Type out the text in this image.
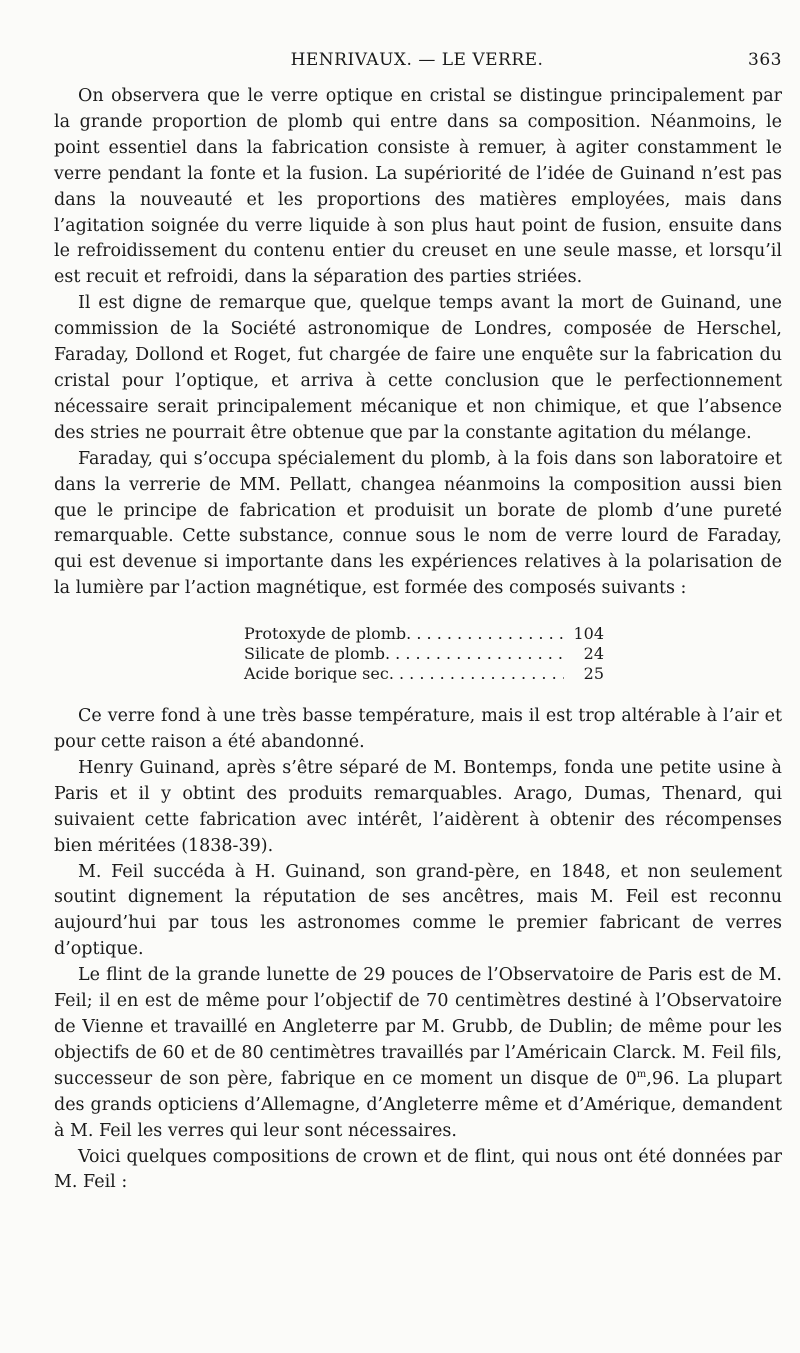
HENRIVAUX. — LE VERRE.	363

On observera que le verre optique en cristal se distingue principalement par la grande proportion de plomb qui entre dans sa composition. Néanmoins, le point essentiel dans la fabrication consiste à remuer, à agiter constamment le verre pendant la fonte et la fusion. La supériorité de l’idée de Guinand n’est pas dans la nouveauté et les proportions des matières employées, mais dans l’agitation soignée du verre liquide à son plus haut point de fusion, ensuite dans le refroidissement du contenu entier du creuset en une seule masse, et lorsqu’il est recuit et refroidi, dans la séparation des parties striées.

Il est digne de remarque que, quelque temps avant la mort de Guinand, une commission de la Société astronomique de Londres, composée de Herschel, Faraday, Dollond et Roget, fut chargée de faire une enquête sur la fabrication du cristal pour l’optique, et arriva à cette conclusion que le perfectionnement nécessaire serait principalement mécanique et non chimique, et que l’absence des stries ne pourrait être obtenue que par la constante agitation du mélange.

Faraday, qui s’occupa spécialement du plomb, à la fois dans son laboratoire et dans la verrerie de MM. Pellatt, changea néanmoins la composition aussi bien que le principe de fabrication et produisit un borate de plomb d’une pureté remarquable. Cette substance, connue sous le nom de verre lourd de Faraday, qui est devenue si importante dans les expériences relatives à la polarisation de la lumière par l’action magnétique, est formée des composés suivants :

Protoxyde de plomb . . .	104
Silicate de plomb . . .	24
Acide borique sec . . .	25

Ce verre fond à une très basse température, mais il est trop altérable à l’air et pour cette raison a été abandonné.

Henry Guinand, après s’être séparé de M. Bontemps, fonda une petite usine à Paris et il y obtint des produits remarquables. Arago, Dumas, Thenard, qui suivaient cette fabrication avec intérêt, l’aidèrent à obtenir des récompenses bien méritées (1838-39).

M. Feil succéda à H. Guinand, son grand-père, en 1848, et non seulement soutint dignement la réputation de ses ancêtres, mais M. Feil est reconnu aujourd’hui par tous les astronomes comme le premier fabricant de verres d’optique.

Le flint de la grande lunette de 29 pouces de l’Observatoire de Paris est de M. Feil; il en est de même pour l’objectif de 70 centimètres destiné à l’Observatoire de Vienne et travaillé en Angleterre par M. Grubb, de Dublin; de même pour les objectifs de 60 et de 80 centimètres travaillés par l’Américain Clarck. M. Feil fils, successeur de son père, fabrique en ce moment un disque de 0$^m$,96. La plupart des grands opticiens d’Allemagne, d’Angleterre même et d’Amérique, demandent à M. Feil les verres qui leur sont nécessaires.

Voici quelques compositions de crown et de flint, qui nous ont été données par M. Feil :
